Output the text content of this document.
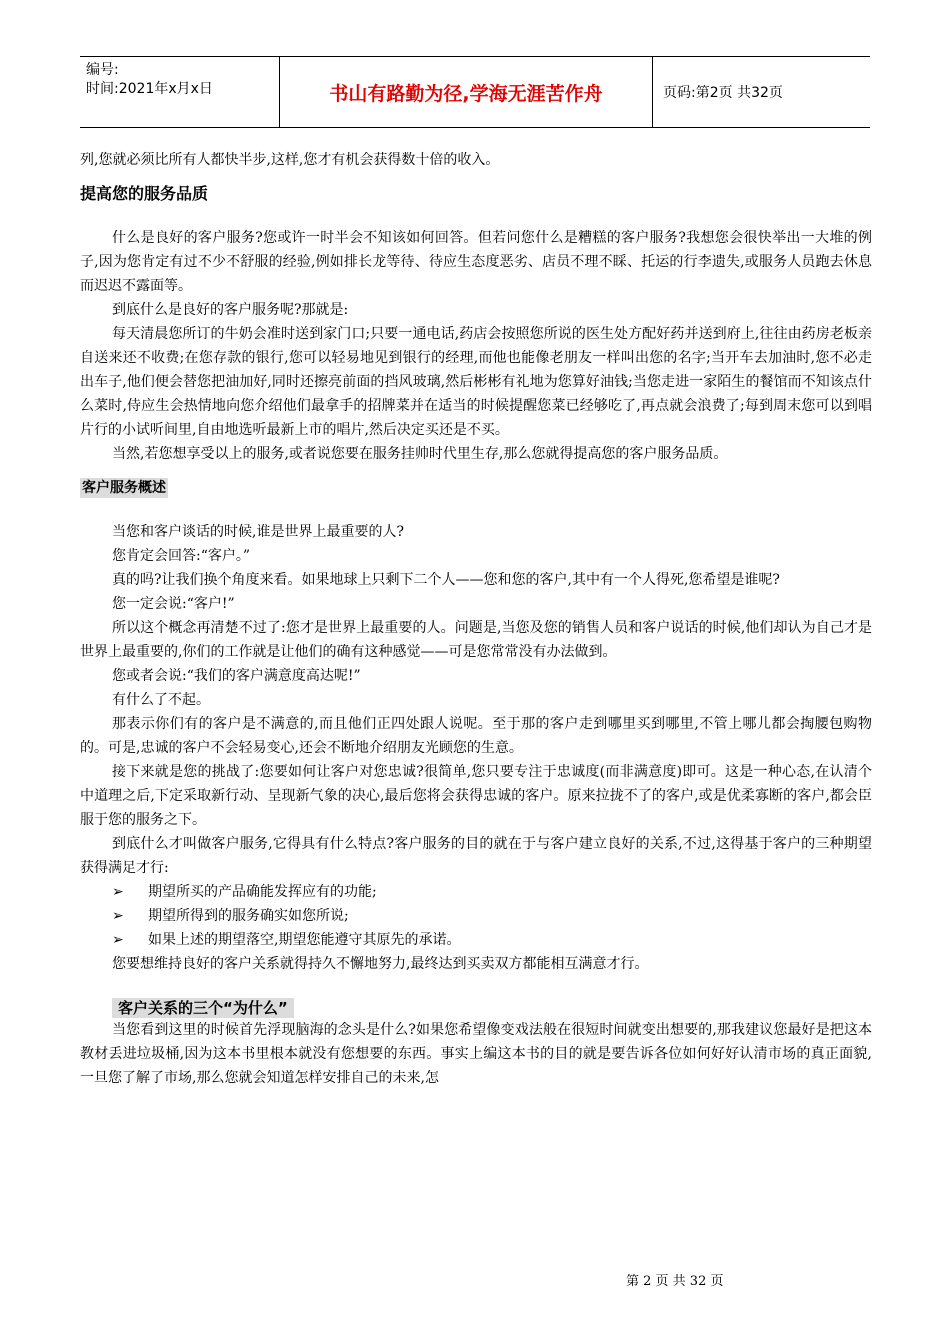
编号:
时间:2021年x月x日	书山有路勤为径,学海无涯苦作舟	页码:第2页 共32页

列,您就必须比所有人都快半步,这样,您才有机会获得数十倍的收入。

提高您的服务品质

什么是良好的客户服务?您或许一时半会不知该如何回答。但若问您什么是糟糕的客户服务?我想您会很快举出一大堆的例子,因为您肯定有过不少不舒服的经验,例如排长龙等待、待应生态度恶劣、店员不理不睬、托运的行李遗失,或服务人员跑去休息而迟迟不露面等。

到底什么是良好的客户服务呢?那就是:

每天清晨您所订的牛奶会准时送到家门口;只要一通电话,药店会按照您所说的医生处方配好药并送到府上,往往由药房老板亲自送来还不收费;在您存款的银行,您可以轻易地见到银行的经理,而他也能像老朋友一样叫出您的名字;当开车去加油时,您不必走出车子,他们便会替您把油加好,同时还擦亮前面的挡风玻璃,然后彬彬有礼地为您算好油钱;当您走进一家陌生的餐馆而不知该点什么菜时,侍应生会热情地向您介绍他们最拿手的招牌菜并在适当的时候提醒您菜已经够吃了,再点就会浪费了;每到周末您可以到唱片行的小试听间里,自由地选听最新上市的唱片,然后决定买还是不买。

当然,若您想享受以上的服务,或者说您要在服务挂帅时代里生存,那么您就得提高您的客户服务品质。

客户服务概述

当您和客户谈话的时候,谁是世界上最重要的人?

您肯定会回答:“客户。”

真的吗?让我们换个角度来看。如果地球上只剩下二个人——您和您的客户,其中有一个人得死,您希望是谁呢?

您一定会说:“客户!”

所以这个概念再清楚不过了:您才是世界上最重要的人。问题是,当您及您的销售人员和客户说话的时候,他们却认为自己才是世界上最重要的,你们的工作就是让他们的确有这种感觉——可是您常常没有办法做到。

您或者会说:“我们的客户满意度高达呢!”

有什么了不起。

那表示你们有的客户是不满意的,而且他们正四处跟人说呢。至于那的客户走到哪里买到哪里,不管上哪儿都会掏腰包购物的。可是,忠诚的客户不会轻易变心,还会不断地介绍朋友光顾您的生意。

接下来就是您的挑战了:您要如何让客户对您忠诚?很简单,您只要专注于忠诚度(而非满意度)即可。这是一种心态,在认清个中道理之后,下定采取新行动、呈现新气象的决心,最后您将会获得忠诚的客户。原来拉拢不了的客户,或是优柔寡断的客户,都会臣服于您的服务之下。

到底什么才叫做客户服务,它得具有什么特点?客户服务的目的就在于与客户建立良好的关系,不过,这得基于客户的三种期望获得满足才行:

➢	期望所买的产品确能发挥应有的功能;
➢	期望所得到的服务确实如您所说;
➢	如果上述的期望落空,期望您能遵守其原先的承诺。

您要想维持良好的客户关系就得持久不懈地努力,最终达到买卖双方都能相互满意才行。

客户关系的三个“为什么”

当您看到这里的时候首先浮现脑海的念头是什么?如果您希望像变戏法般在很短时间就变出想要的,那我建议您最好是把这本教材丢进垃圾桶,因为这本书里根本就没有您想要的东西。事实上编这本书的目的就是要告诉各位如何好好认清市场的真正面貌,一旦您了解了市场,那么您就会知道怎样安排自己的未来,怎

第 2 页 共 32 页
